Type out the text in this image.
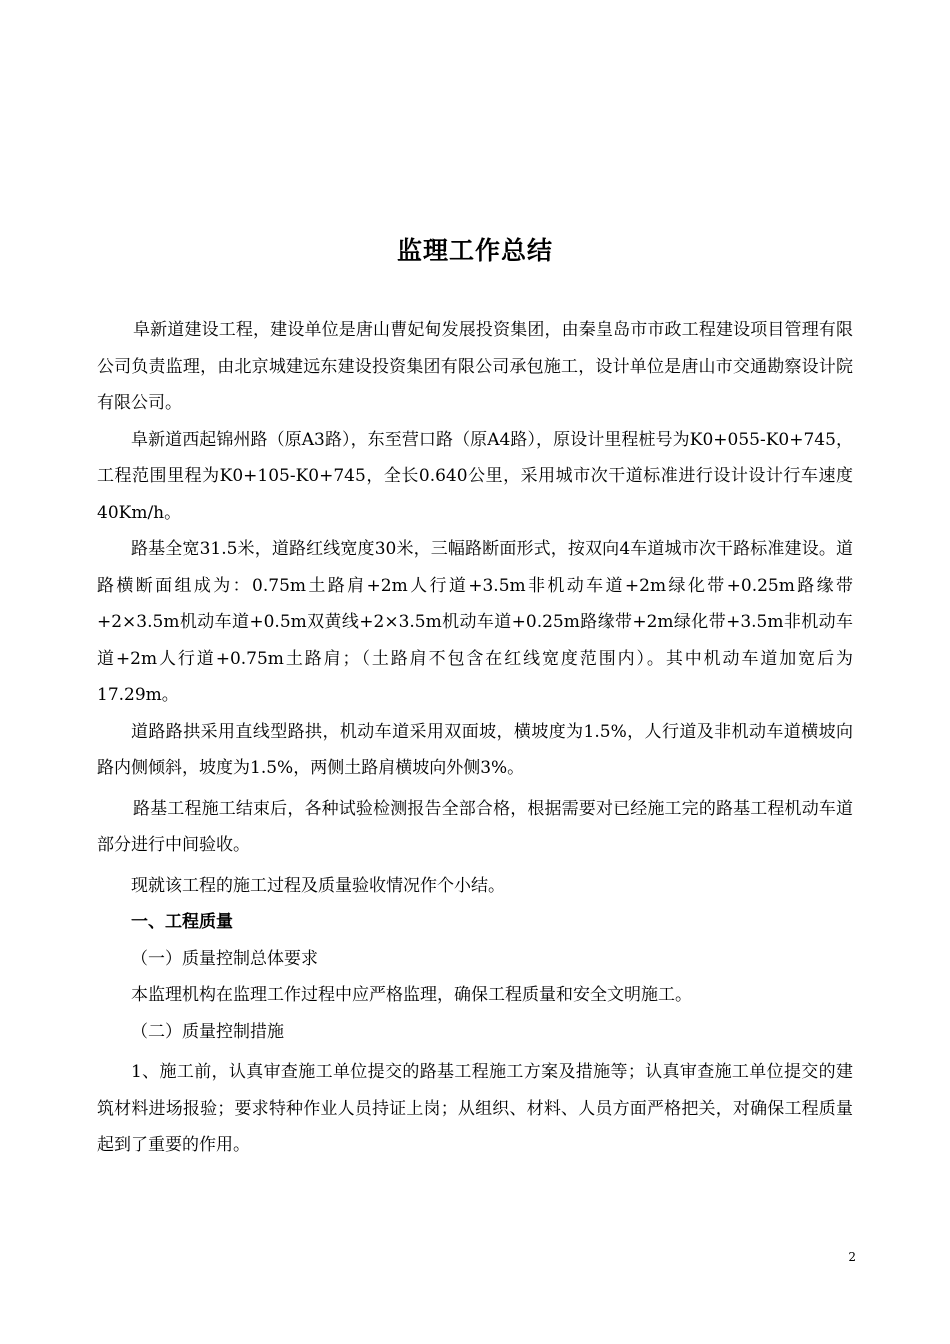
监理工作总结

阜新道建设工程，建设单位是唐山曹妃甸发展投资集团，由秦皇岛市市政工程建设项目管理有限公司负责监理，由北京城建远东建设投资集团有限公司承包施工，设计单位是唐山市交通勘察设计院有限公司。

阜新道西起锦州路（原A3路），东至营口路（原A4路），原设计里程桩号为K0+055-K0+745，工程范围里程为K0+105-K0+745，全长0.640公里，采用城市次干道标准进行设计设计行车速度40Km/h。

路基全宽31.5米，道路红线宽度30米，三幅路断面形式，按双向4车道城市次干路标准建设。道路横断面组成为：0.75m土路肩+2m人行道+3.5m非机动车道+2m绿化带+0.25m路缘带+2×3.5m机动车道+0.5m双黄线+2×3.5m机动车道+0.25m路缘带+2m绿化带+3.5m非机动车道+2m人行道+0.75m土路肩；（土路肩不包含在红线宽度范围内）。其中机动车道加宽后为17.29m。

道路路拱采用直线型路拱，机动车道采用双面坡，横坡度为1.5%，人行道及非机动车道横坡向路内侧倾斜，坡度为1.5%，两侧土路肩横坡向外侧3%。

路基工程施工结束后，各种试验检测报告全部合格，根据需要对已经施工完的路基工程机动车道部分进行中间验收。

现就该工程的施工过程及质量验收情况作个小结。

一、工程质量

（一）质量控制总体要求

本监理机构在监理工作过程中应严格监理，确保工程质量和安全文明施工。

（二）质量控制措施

1、施工前，认真审查施工单位提交的路基工程施工方案及措施等；认真审查施工单位提交的建筑材料进场报验；要求特种作业人员持证上岗；从组织、材料、人员方面严格把关，对确保工程质量起到了重要的作用。

2
